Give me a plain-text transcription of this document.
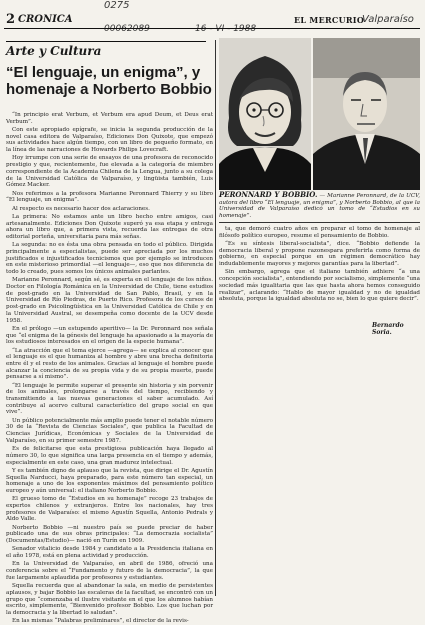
0275
00062089	16 - VI - 1988
Valparaíso
2 CRONICA	EL MERCURIO
Arte y Cultura
“El lenguaje, un enigma”, y homenaje a Norberto Bobbio

“In principio erat Verbum, et Verbum era apud Deum, et Deus erat Verbum”.

Con este apropiado epígrafe, se inicia la segunda producción de la novel casa editora de Valparaíso, Ediciones Don Quixote, que empezó sus actividades hace algún tiempo, con un libro de pequeño formato, en la línea de las narraciones de Howards Philips Lovecraft.

Hoy irrumpe con una serie de ensayos de una profesora de reconocido prestigio y que, recientemente, fue elevada a la categoría de miembro correspondiente de la Academia Chilena de la Lengua, junto a su colega de la Universidad Católica de Valparaíso, y lingüista también, Luis Gómez Macker.

Nos referimos a la profesora Marianne Peronnard Thierry y su libro “El lenguaje, un enigma”.

Al respecto es necesario hacer dos aclaraciones.

La primera: No estamos ante un libro hecho entre amigos, casi artesanalmente. Ediciones Don Quixote superó ya esa etapa y entrega ahora un libro que, a primera vista, recuerda las entregas de otra editorial porteña, universitaria para más señas.

La segunda: no es ésta una obra pensada en todo el público. Dirigida principalmente a especialistas, puede ser apreciada por los muchos justificados e injustificados tecnicismos que por ejemplo se introducen en este misterioso primordial —el lenguaje—, eso que nos diferencia de todo lo creado, pues somos los únicos animales parlantes.

Marianne Peronnard, según sé, es experta en el lenguaje de los niños. Doctor en Filología Románica en la Universidad de Chile, tiene estudios de post-grado en la Universidad de San Pablo, Brasil, y en la Universidad de Río Piedras, de Puerto Rico. Profesora de los cursos de post-grado en Psicolingüística en la Universidad Católica de Chile y en la Universidad Austral, se desempeña como docente de la UCV desde 1958.

En el prólogo —un estupendo aperitivo— la Dr. Peronnard nos señala que “el enigma de la génesis del lenguaje ha apasionado a la mayoría de los estudiosos interesados en el origen de la especie humana”.

“La atracción que el tema ejerce —agrega— se explica al conocer que el lenguaje es el que humaniza al hombre y abre una brecha definitoria entre él y el resto de los animales. Gracias al lenguaje el hombre puede alcanzar la conciencia de su propia vida y de su propia muerte, puede pensarse a sí mismo”.

“El lenguaje le permite superar el presente sin historia y sin porvenir de los animales, prolongarse a través del tiempo, recibiendo y transmitiendo a las nuevas generaciones el saber acumulado. Así contribuye al acervo cultural característico del grupo social en que vive”.

Un público potencialmente más amplio puede tener el notable número 30 de la “Revista de Ciencias Sociales”, que publica la Facultad de Ciencias Jurídicas, Económicas y Sociales de la Universidad de Valparaíso, en su primer semestre 1987.

Es de felicitarse que esta prestigiosa publicación haya llegado al número 30, lo que significa una larga presencia en el tiempo y además, especialmente en este caso, una gran madurez intelectual.

Y es también digno de aplauso que la revista, que dirige el Dr. Agustín Squella Narducci, haya preparado, para este número tan especial, un homenaje a uno de los exponentes máximos del pensamiento político europeo y aún universal: el italiano Norberto Bobbio.

El grueso tomo de “Estudios en su homenaje” recoge 23 trabajos de expertos chilenos y extranjeros. Entre los nacionales, hay tres profesores de Valparaíso: el mismo Agustín Squella, Antonio Pedrals y Aldo Valle.

Norberto Bobbio —ni nuestro país se puede preciar de haber publicado una de sus obras principales: “La democrazia socialista” (Documentas/Estudio)— nació en Turín en 1909.

Senador vitalicio desde 1984 y candidato a la Presidencia italiana en el año 1978, está en plena actividad y producción.

En la Universidad de Valparaíso, en abril de 1986, ofreció una conferencia sobre el “Fundamento y futuro de la democracia”, la que fue largamente aplaudida por profesores y estudiantes.

Squella recuerda que al abandonar la sala, en medio de persistentes aplausos, y bajar Bobbio las escaleras de la facultad, se encontró con un grupo que “comenzaba el ilustre visitante en el que los alumnos habían escrito, simplemente, “Bienvenido profesor Bobbio. Los que luchan por la democracia y la libertad lo saludan”.

En las mismas “Palabras preliminares”, el director de la revis-

PERONNARD Y BOBBIO. — Marianne Peronnard, de la UCV, autora del libro “El lenguaje, un enigma”, y Norberto Bobbio, al que la Universidad de Valparaíso dedicó un tomo de “Estudios en su homenaje”.

ta, que demoró cuatro años en preparar el tomo de homenaje al filósofo político europeo, resume el pensamiento de Bobbio.

“Es su síntesis liberal-socialista”, dice. “Bobbio defiende la democracia liberal y propone razonespara preferirla como forma de gobierno, en especial porque en un régimen democrático hay indudablemente mayores y mejores garantías para la libertad”.

Sin embargo, agrega que el italiano también adhiere “a una concepción socialista”, entendiendo por socialismo, simplemente “una sociedad más igualitaria que las que hasta ahora hemos conseguido realizar”, aclarando: “Hablo de mayor igualdad y no de igualdad absoluta, porque la igualdad absoluta no se, bien lo que quiere decir”.

Bernardo Soria.
